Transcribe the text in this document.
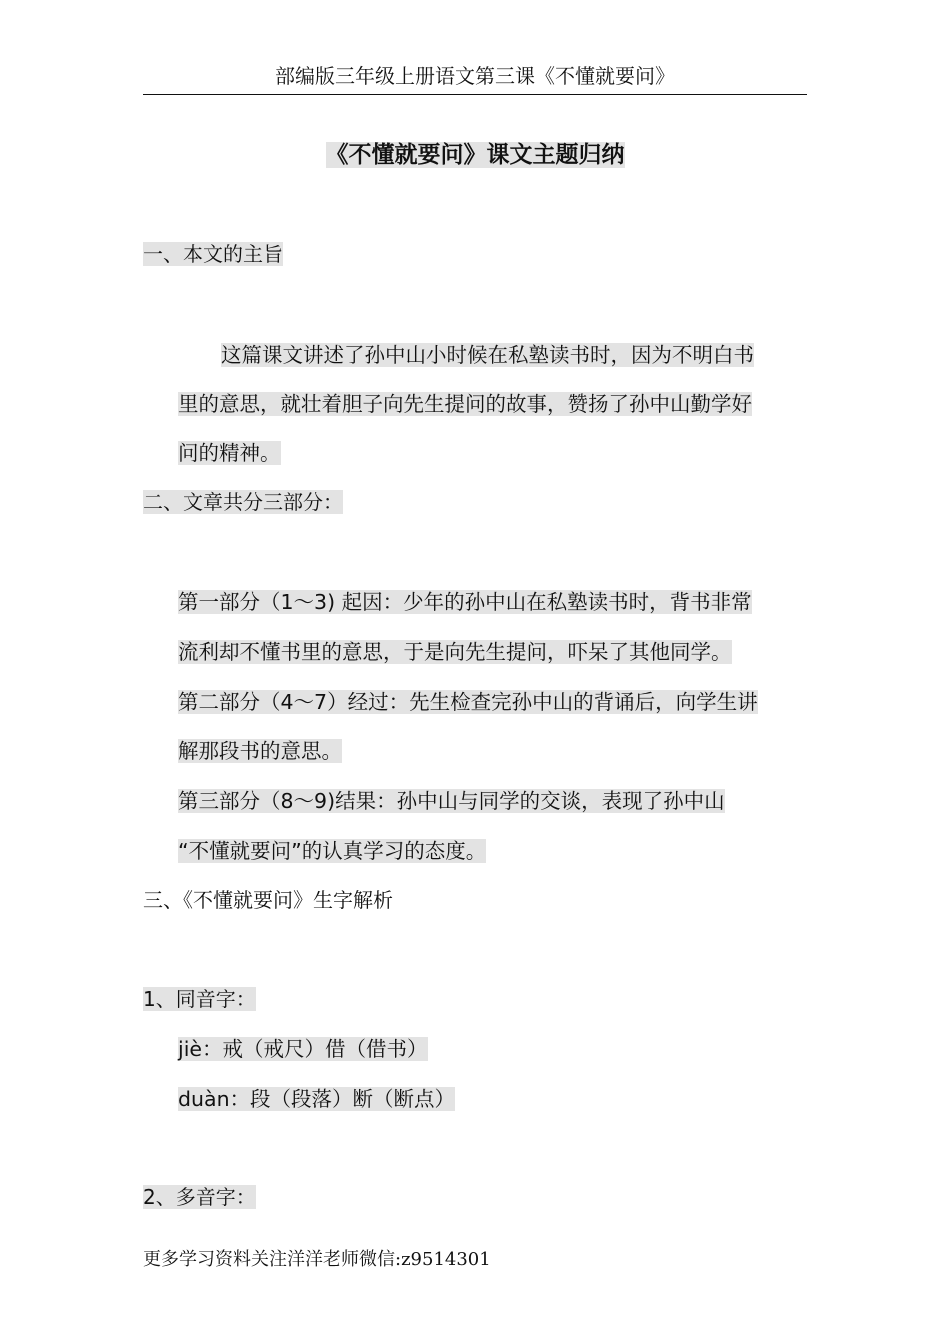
部编版三年级上册语文第三课《不懂就要问》
《不懂就要问》课文主题归纳
一、本文的主旨
这篇课文讲述了孙中山小时候在私塾读书时，因为不明白书
里的意思，就壮着胆子向先生提问的故事，赞扬了孙中山勤学好
问的精神。
二、文章共分三部分：
第一部分（1～3) 起因：少年的孙中山在私塾读书时，背书非常
流利却不懂书里的意思，于是向先生提问，吓呆了其他同学。
第二部分（4～7）经过：先生检查完孙中山的背诵后，向学生讲
解那段书的意思。
第三部分（8～9)结果：孙中山与同学的交谈，表现了孙中山
“不懂就要问”的认真学习的态度。
三、《不懂就要问》生字解析
1、同音字：
jiè：戒（戒尺）借（借书）
duàn：段（段落）断（断点）
2、多音字：
更多学习资料关注洋洋老师微信:z9514301
